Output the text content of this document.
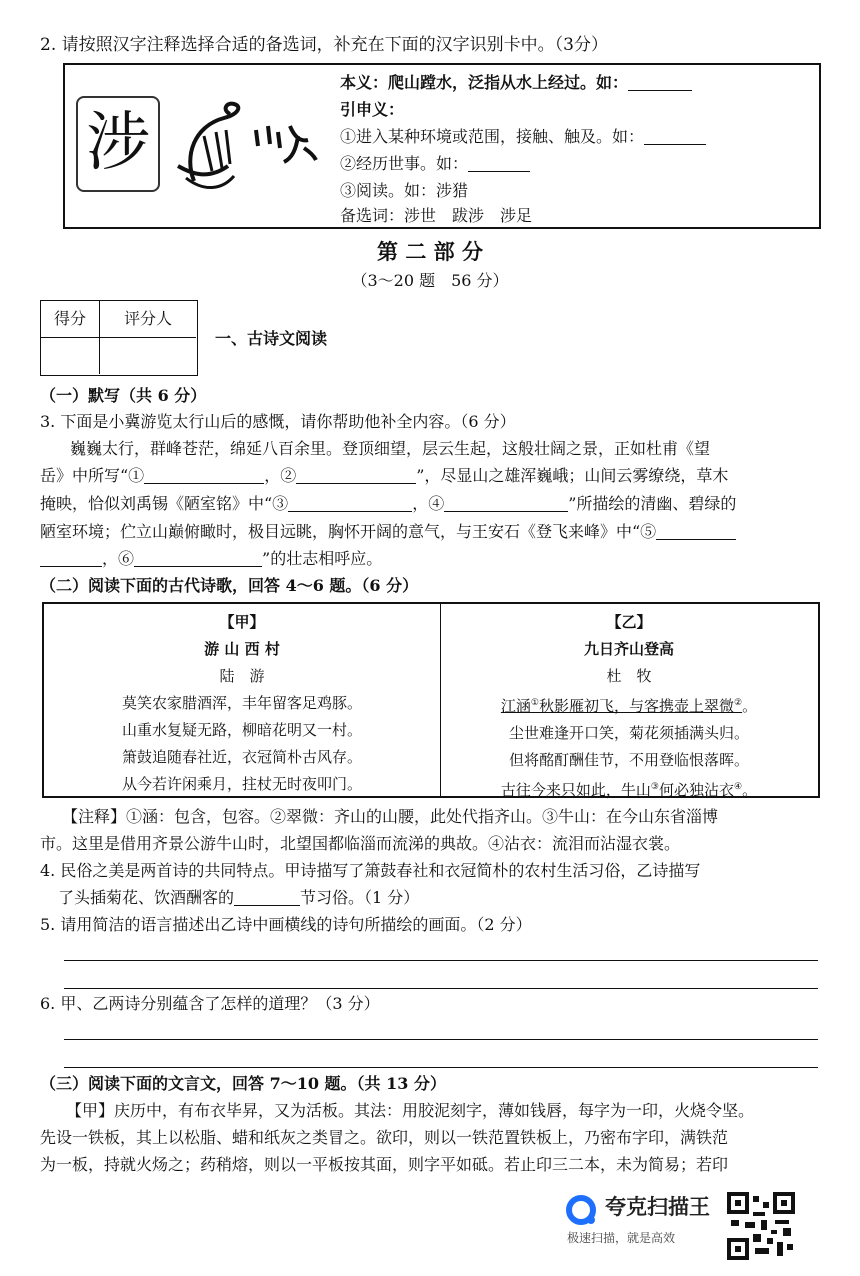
2. 请按照汉字注释选择合适的备选词，补充在下面的汉字识别卡中。（3分）
涉
本义：爬山蹚水，泛指从水上经过。如：
引申义：
①进入某种环境或范围，接触、触及。如：
②经历世事。如：
③阅读。如：涉猎
备选词：涉世　跋涉　涉足
第 二 部 分
（3～20 题　56 分）
得分	评分人
一、古诗文阅读
（一）默写（共 6 分）
3. 下面是小冀游览太行山后的感慨，请你帮助他补全内容。（6 分）
巍巍太行，群峰苍茫，绵延八百余里。登顶细望，层云生起，这般壮阔之景，正如杜甫《望
岳》中所写“①	，②	”，尽显山之雄浑巍峨；山间云雾缭绕，草木
掩映，恰似刘禹锡《陋室铭》中“③	，④	”所描绘的清幽、碧绿的
陋室环境；伫立山巅俯瞰时，极目远眺，胸怀开阔的意气，与王安石《登飞来峰》中“⑤
，⑥	”的壮志相呼应。
（二）阅读下面的古代诗歌，回答 4～6 题。（6 分）
【甲】
游 山 西 村
陆　游
莫笑农家腊酒浑，丰年留客足鸡豚。
山重水复疑无路，柳暗花明又一村。
箫鼓追随春社近，衣冠简朴古风存。
从今若许闲乘月，拄杖无时夜叩门。
【乙】
九日齐山登高
杜　牧
江涵①秋影雁初飞，与客携壶上翠微②。
尘世难逢开口笑，菊花须插满头归。
但将酩酊酬佳节，不用登临恨落晖。
古往今来只如此，牛山③何必独沾衣④。
【注释】①涵：包含，包容。②翠微：齐山的山腰，此处代指齐山。③牛山：在今山东省淄博
市。这里是借用齐景公游牛山时，北望国都临淄而流涕的典故。④沾衣：流泪而沾湿衣裳。
4. 民俗之美是两首诗的共同特点。甲诗描写了箫鼓春社和衣冠简朴的农村生活习俗，乙诗描写
了头插菊花、饮酒酬客的	节习俗。（1 分）
5. 请用简洁的语言描述出乙诗中画横线的诗句所描绘的画面。（2 分）
6. 甲、乙两诗分别蕴含了怎样的道理？（3 分）
（三）阅读下面的文言文，回答 7～10 题。（共 13 分）
【甲】庆历中，有布衣毕昇，又为活板。其法：用胶泥刻字，薄如钱唇，每字为一印，火烧令坚。
先设一铁板，其上以松脂、蜡和纸灰之类冒之。欲印，则以一铁范置铁板上，乃密布字印，满铁范
为一板，持就火炀之；药稍熔，则以一平板按其面，则字平如砥。若止印三二本，未为简易；若印
夸克扫描王
极速扫描，就是高效
